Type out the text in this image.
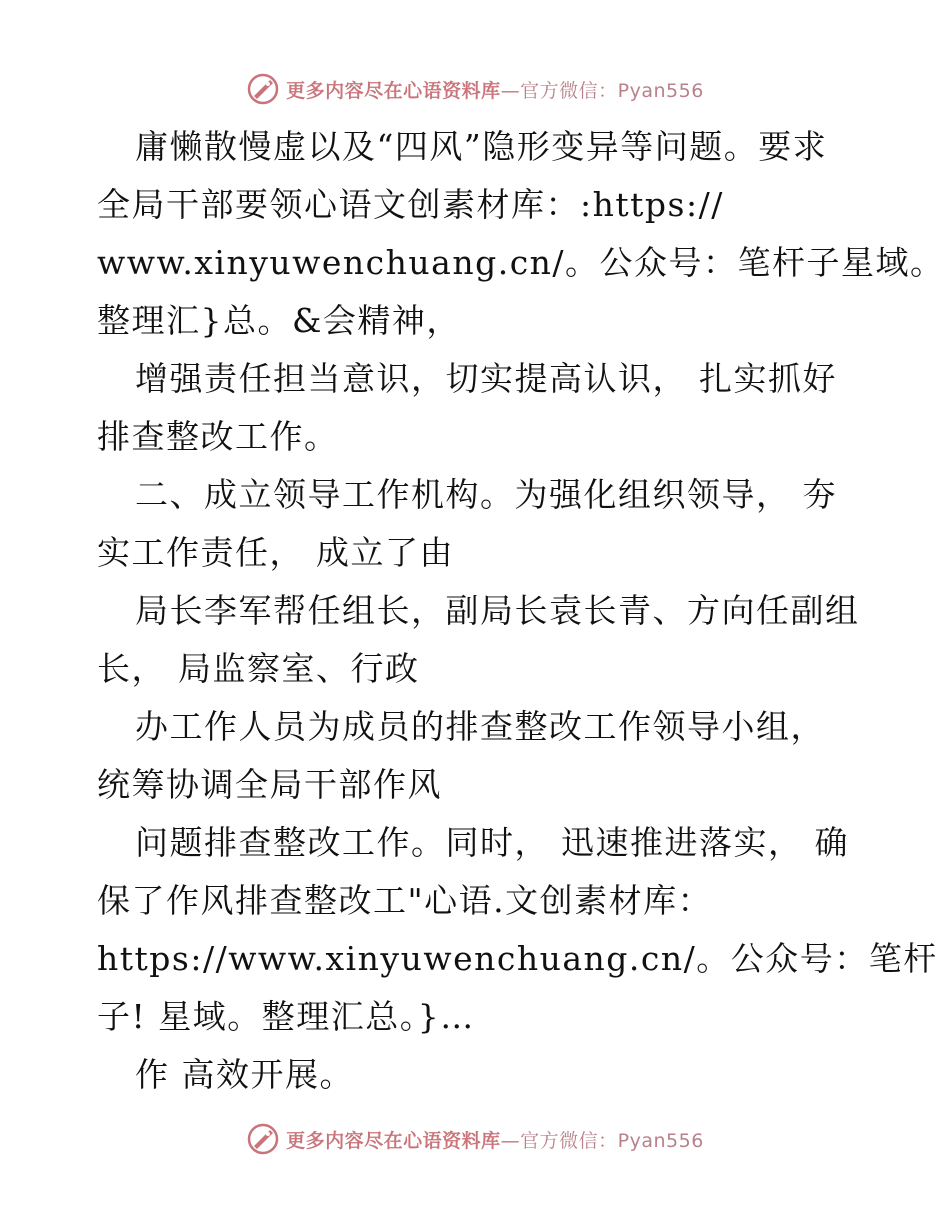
更多内容尽在心语资料库—官方微信：Pyan556
庸懒散慢虚以及“四风”隐形变异等问题。要求
全局干部要领心语文创素材库：:https://
www.xinyuwenchuang.cn/。公众号：笔杆子星域。
整理汇}总。&会精神，
增强责任担当意识，切实提高认识， 扎实抓好
排查整改工作。
二、成立领导工作机构。为强化组织领导， 夯
实工作责任， 成立了由
局长李军帮任组长，副局长袁长青、方向任副组
长， 局监察室、行政
办工作人员为成员的排查整改工作领导小组，
统筹协调全局干部作风
问题排查整改工作。同时， 迅速推进落实， 确
保了作风排查整改工"心语.文创素材库：
https://www.xinyuwenchuang.cn/。公众号：笔杆
子! 星域。整理汇总。}…
作 高效开展。
更多内容尽在心语资料库—官方微信：Pyan556
